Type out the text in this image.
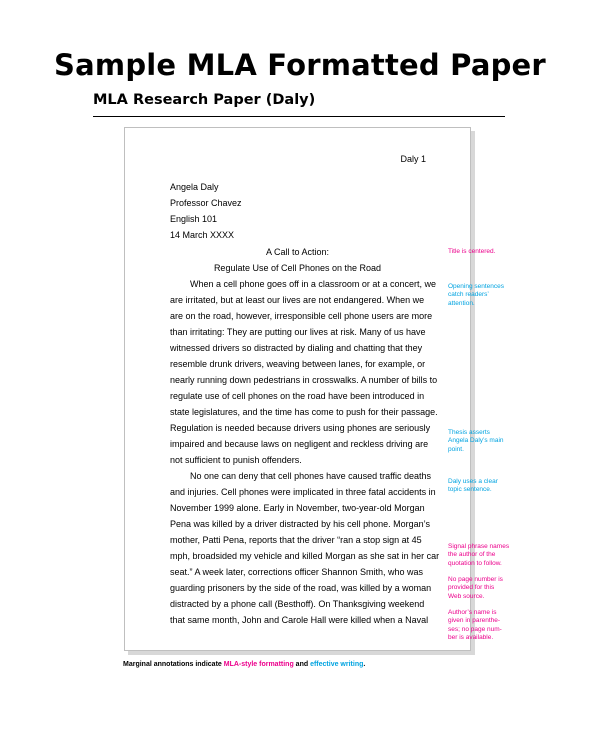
Sample MLA Formatted Paper
MLA Research Paper (Daly)
Daly 1
Angela Daly
Professor Chavez
English 101
14 March XXXX
A Call to Action:
Regulate Use of Cell Phones on the Road
When a cell phone goes off in a classroom or at a concert, we
are irritated, but at least our lives are not endangered. When we
are on the road, however, irresponsible cell phone users are more
than irritating: They are putting our lives at risk. Many of us have
witnessed drivers so distracted by dialing and chatting that they
resemble drunk drivers, weaving between lanes, for example, or
nearly running down pedestrians in crosswalks. A number of bills to
regulate use of cell phones on the road have been introduced in
state legislatures, and the time has come to push for their passage.
Regulation is needed because drivers using phones are seriously
impaired and because laws on negligent and reckless driving are
not sufficient to punish offenders.
No one can deny that cell phones have caused traffic deaths
and injuries. Cell phones were implicated in three fatal accidents in
November 1999 alone. Early in November, two-year-old Morgan
Pena was killed by a driver distracted by his cell phone. Morgan’s
mother, Patti Pena, reports that the driver “ran a stop sign at 45
mph, broadsided my vehicle and killed Morgan as she sat in her car
seat.” A week later, corrections officer Shannon Smith, who was
guarding prisoners by the side of the road, was killed by a woman
distracted by a phone call (Besthoff). On Thanksgiving weekend
that same month, John and Carole Hall were killed when a Naval
Title is centered.
Opening sentences
catch readers’
attention.
Thesis asserts
Angela Daly’s main
point.
Daly uses a clear
topic sentence.
Signal phrase names
the author of the
quotation to follow.
No page number is
provided for this
Web source.
Author’s name is
given in parenthe-
ses; no page num-
ber is available.
Marginal annotations indicate MLA-style formatting and effective writing.
